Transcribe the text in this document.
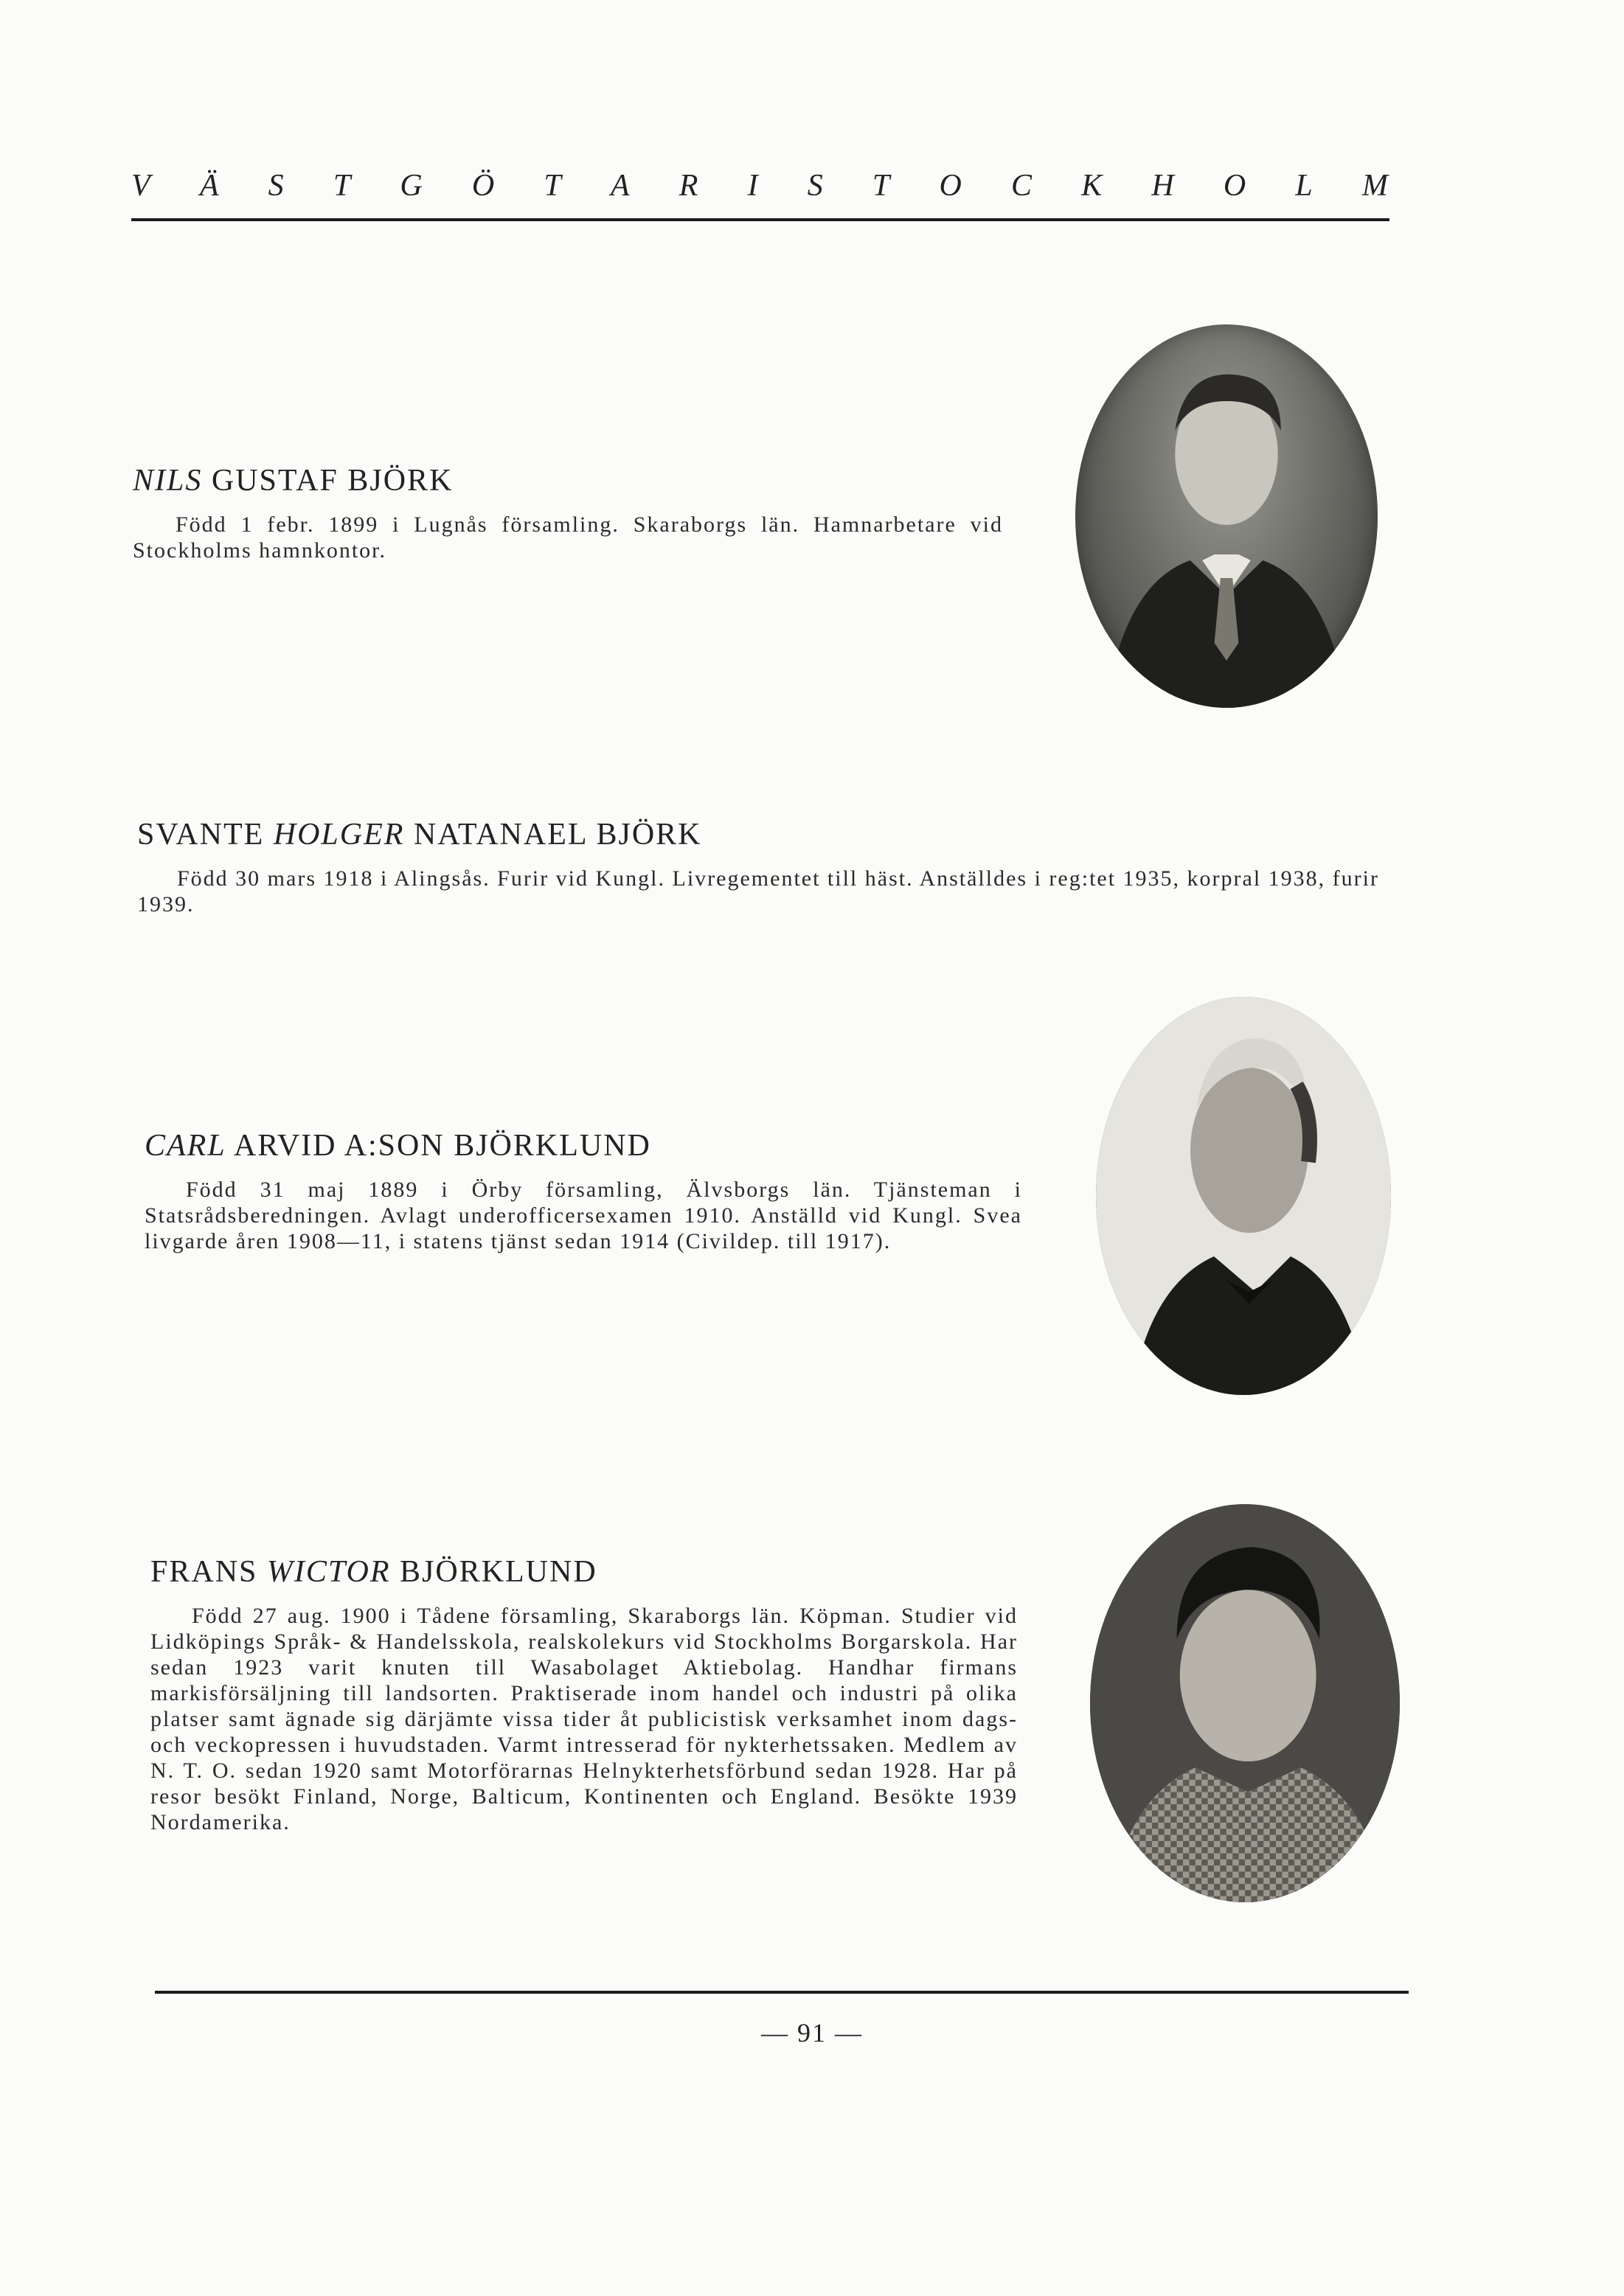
V Ä S T G Ö T A R I S T O C K H O L M
NILS GUSTAF BJÖRK

Född 1 febr. 1899 i Lugnås församling. Skaraborgs län. Hamnarbetare vid Stockholms hamnkontor.

SVANTE HOLGER NATANAEL BJÖRK

Född 30 mars 1918 i Alingsås. Furir vid Kungl. Livregementet till häst. Anställdes i reg:tet 1935, korpral 1938, furir 1939.

CARL ARVID A:SON BJÖRKLUND

Född 31 maj 1889 i Örby församling, Älvsborgs län. Tjänsteman i Statsrådsberedningen. Avlagt underofficersexamen 1910. Anställd vid Kungl. Svea livgarde åren 1908—11, i statens tjänst sedan 1914 (Civildep. till 1917).

FRANS WICTOR BJÖRKLUND

Född 27 aug. 1900 i Tådene församling, Skaraborgs län. Köpman. Studier vid Lidköpings Språk- & Handelsskola, realskolekurs vid Stockholms Borgarskola. Har sedan 1923 varit knuten till Wasabolaget Aktiebolag. Handhar firmans markisförsäljning till landsorten. Praktiserade inom handel och industri på olika platser samt ägnade sig därjämte vissa tider åt publicistisk verksamhet inom dags- och veckopressen i huvudstaden. Varmt intresserad för nykterhetssaken. Medlem av N. T. O. sedan 1920 samt Motorförarnas Helnykterhetsförbund sedan 1928. Har på resor besökt Finland, Norge, Balticum, Kontinenten och England. Besökte 1939 Nordamerika.

— 91 —
